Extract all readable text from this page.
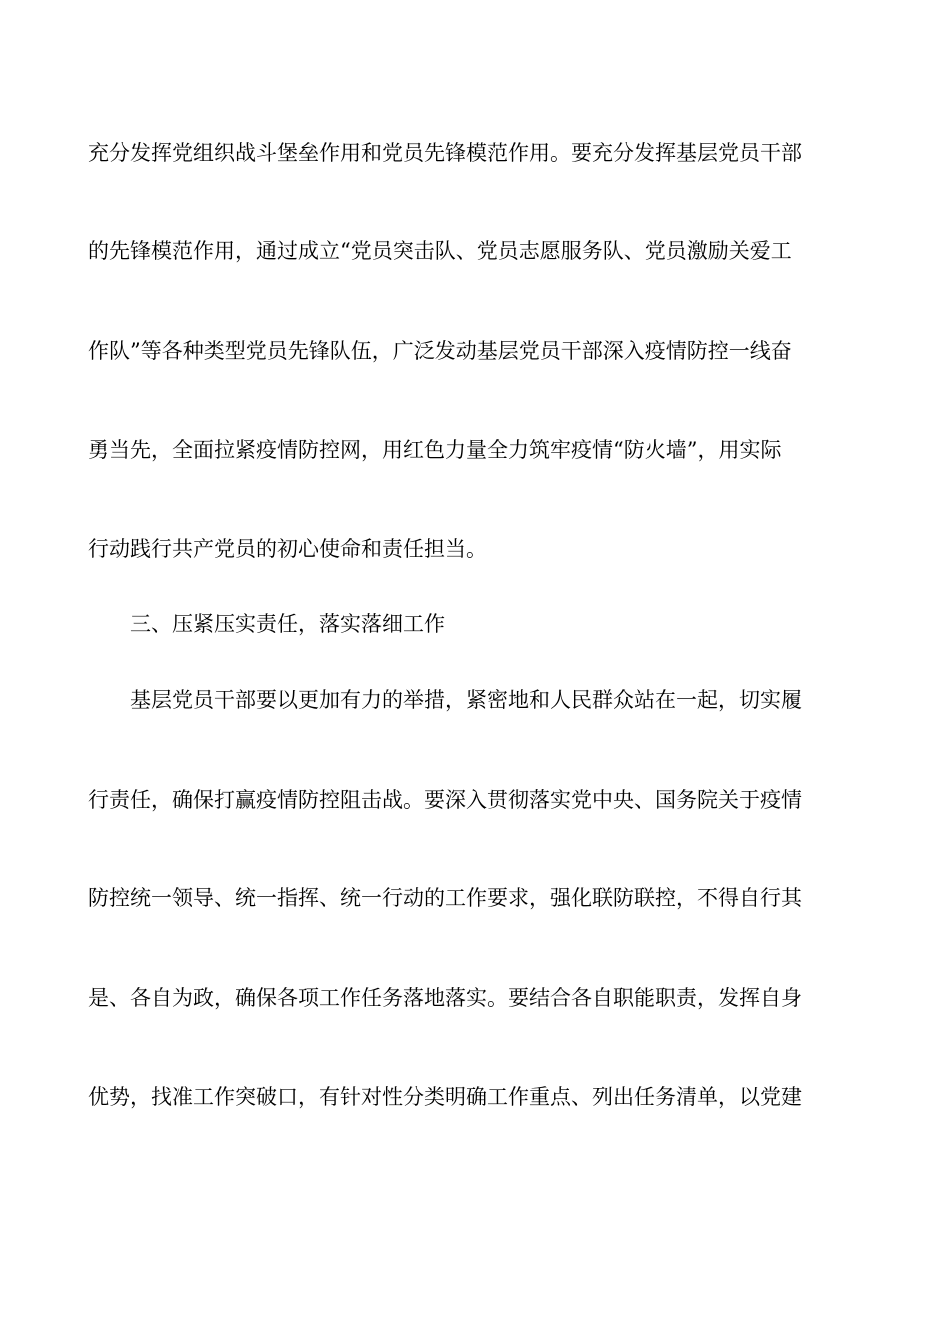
充分发挥党组织战斗堡垒作用和党员先锋模范作用。要充分发挥基层党员干部
的先锋模范作用，通过成立“党员突击队、党员志愿服务队、党员激励关爱工
作队”等各种类型党员先锋队伍，广泛发动基层党员干部深入疫情防控一线奋
勇当先，全面拉紧疫情防控网，用红色力量全力筑牢疫情“防火墙”，用实际
行动践行共产党员的初心使命和责任担当。
三、压紧压实责任，落实落细工作
基层党员干部要以更加有力的举措，紧密地和人民群众站在一起，切实履
行责任，确保打赢疫情防控阻击战。要深入贯彻落实党中央、国务院关于疫情
防控统一领导、统一指挥、统一行动的工作要求，强化联防联控，不得自行其
是、各自为政，确保各项工作任务落地落实。要结合各自职能职责，发挥自身
优势，找准工作突破口，有针对性分类明确工作重点、列出任务清单，以党建
